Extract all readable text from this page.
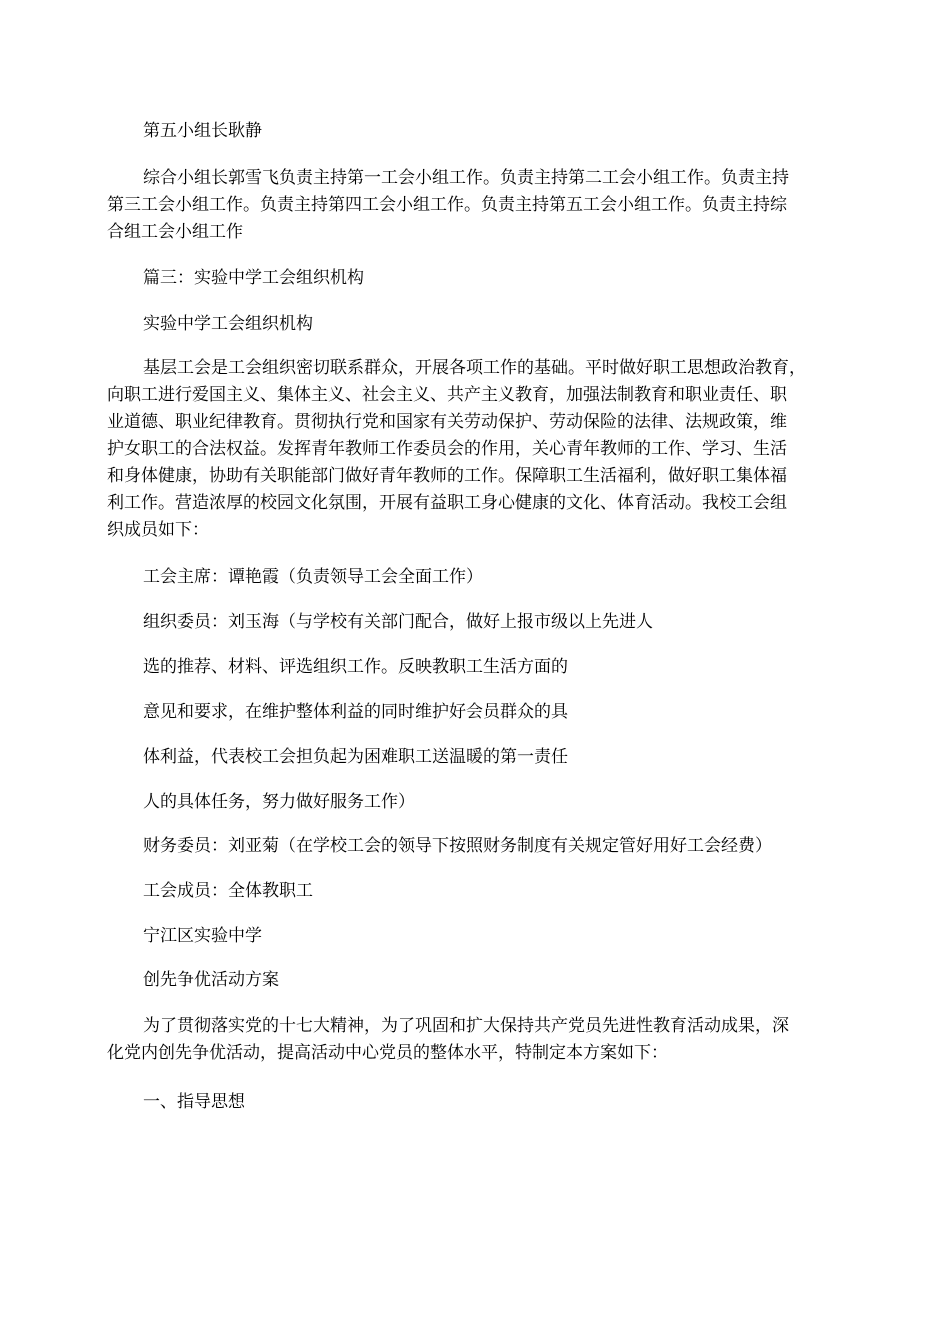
第五小组长耿静

综合小组长郭雪飞负责主持第一工会小组工作。负责主持第二工会小组工作。负责主持
第三工会小组工作。负责主持第四工会小组工作。负责主持第五工会小组工作。负责主持综
合组工会小组工作

篇三：实验中学工会组织机构

实验中学工会组织机构

基层工会是工会组织密切联系群众，开展各项工作的基础。平时做好职工思想政治教育，
向职工进行爱国主义、集体主义、社会主义、共产主义教育，加强法制教育和职业责任、职
业道德、职业纪律教育。贯彻执行党和国家有关劳动保护、劳动保险的法律、法规政策，维
护女职工的合法权益。发挥青年教师工作委员会的作用，关心青年教师的工作、学习、生活
和身体健康，协助有关职能部门做好青年教师的工作。保障职工生活福利，做好职工集体福
利工作。营造浓厚的校园文化氛围，开展有益职工身心健康的文化、体育活动。我校工会组
织成员如下：

工会主席：谭艳霞（负责领导工会全面工作）

组织委员：刘玉海（与学校有关部门配合，做好上报市级以上先进人

选的推荐、材料、评选组织工作。反映教职工生活方面的

意见和要求，在维护整体利益的同时维护好会员群众的具

体利益，代表校工会担负起为困难职工送温暖的第一责任

人的具体任务，努力做好服务工作）

财务委员：刘亚菊（在学校工会的领导下按照财务制度有关规定管好用好工会经费）

工会成员：全体教职工

宁江区实验中学

创先争优活动方案

为了贯彻落实党的十七大精神，为了巩固和扩大保持共产党员先进性教育活动成果，深
化党内创先争优活动，提高活动中心党员的整体水平，特制定本方案如下：

一、指导思想
